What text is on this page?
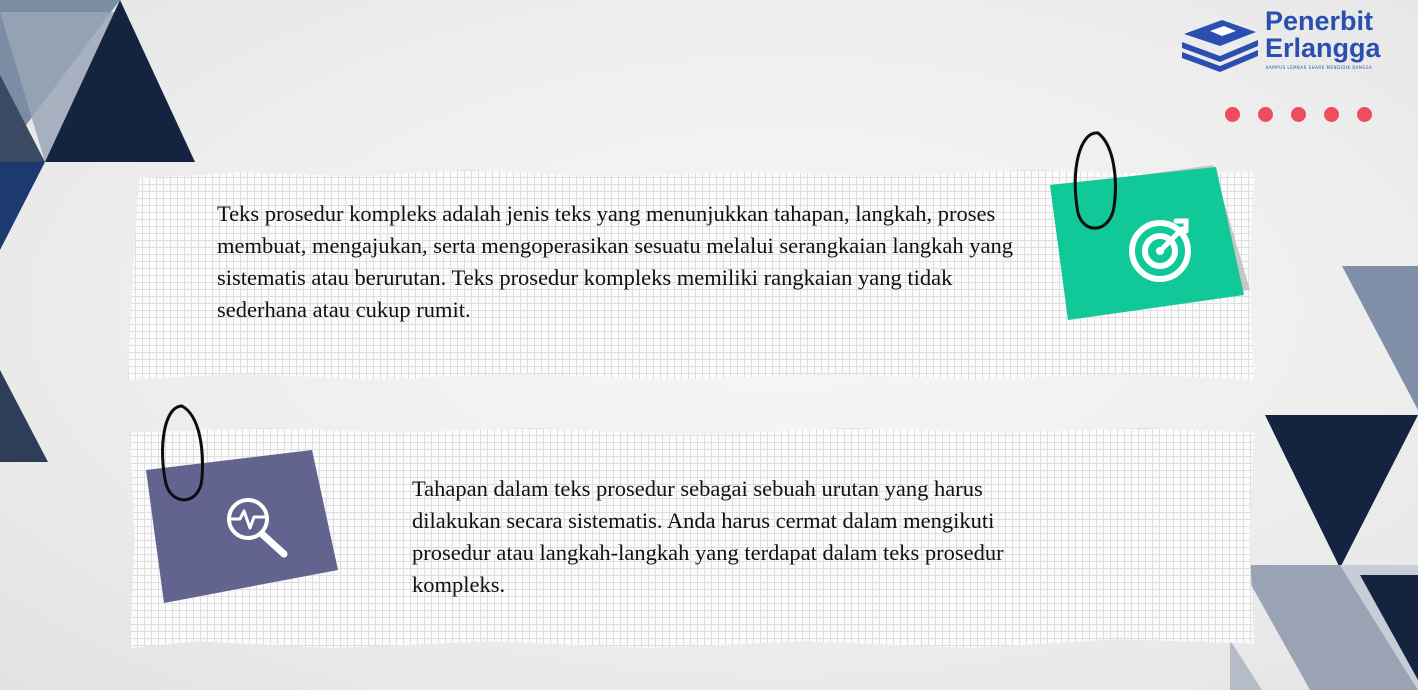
Penerbit
Erlangga
KAMPUS LEMBAR SHARE MENDIDIK BANGSA

Teks prosedur kompleks adalah jenis teks yang menunjukkan tahapan, langkah, proses membuat, mengajukan, serta mengoperasikan sesuatu melalui serangkaian langkah yang sistematis atau berurutan. Teks prosedur kompleks memiliki rangkaian yang tidak sederhana atau cukup rumit.

Tahapan dalam teks prosedur sebagai sebuah urutan yang harus dilakukan secara sistematis. Anda harus cermat dalam mengikuti prosedur atau langkah-langkah yang terdapat dalam teks prosedur kompleks.
